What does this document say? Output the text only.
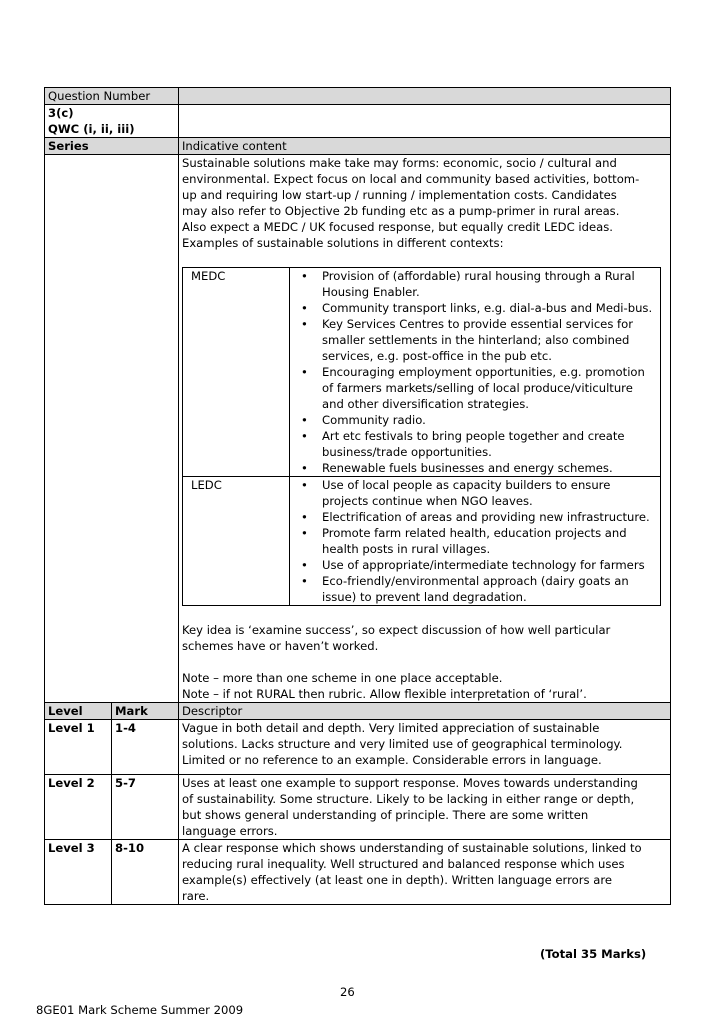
Question Number	

3(c)
QWC (i, ii, iii)

Series	Indicative content

Sustainable solutions make take may forms: economic, socio / cultural and

environmental. Expect focus on local and community based activities, bottom-

up and requiring low start-up / running / implementation costs. Candidates

may also refer to Objective 2b funding etc as a pump-primer in rural areas.

Also expect a MEDC / UK focused response, but equally credit LEDC ideas.

Examples of sustainable solutions in different contexts:

MEDC	
•Provision of (affordable) rural housing through a Rural Housing Enabler.
• Community transport links, e.g. dial-a-bus and Medi-bus.
• Key Services Centres to provide essential services for smaller settlements in the hinterland; also combined services, e.g. post-office in the pub etc.
• Encouraging employment opportunities, e.g. promotion of farmers markets/selling of local produce/viticulture and other diversification strategies.
• Community radio.
• Art etc festivals to bring people together and create business/trade opportunities.
• Renewable fuels businesses and energy schemes.

LEDC	
•Use of local people as capacity builders to ensure projects continue when NGO leaves.
• Electrification of areas and providing new infrastructure.
• Promote farm related health, education projects and health posts in rural villages.
• Use of appropriate/intermediate technology for farmers
• Eco-friendly/environmental approach (dairy goats an issue) to prevent land degradation.

Key idea is ‘examine success’, so expect discussion of how well particular

schemes have or haven’t worked.

Note – more than one scheme in one place acceptable.

Note – if not RURAL then rubric. Allow flexible interpretation of ‘rural’.

Level	Mark	Descriptor
Level 1	1-4	Vague in both detail and depth. Very limited appreciation of sustainable

solutions. Lacks structure and very limited use of geographical terminology.

Limited or no reference to an example. Considerable errors in language.

Level 2	5-7	Uses at least one example to support response. Moves towards understanding

of sustainability. Some structure. Likely to be lacking in either range or depth,

but shows general understanding of principle. There are some written

language errors.

Level 3	8-10	A clear response which shows understanding of sustainable solutions, linked to

reducing rural inequality. Well structured and balanced response which uses

example(s) effectively (at least one in depth). Written language errors are

rare.

(Total 35 Marks)
26
8GE01 Mark Scheme Summer 2009
